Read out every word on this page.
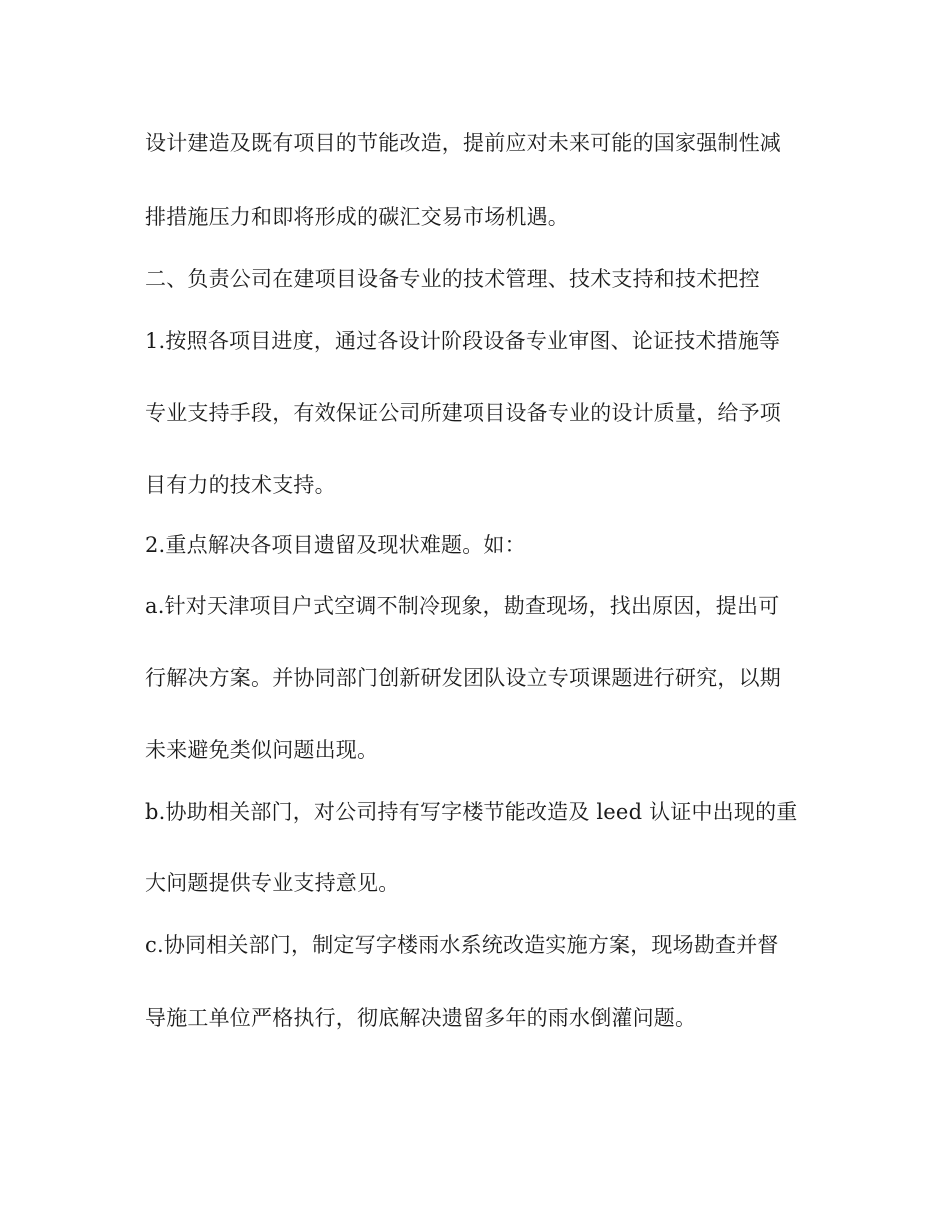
设计建造及既有项目的节能改造，提前应对未来可能的国家强制性减
排措施压力和即将形成的碳汇交易市场机遇。
二、负责公司在建项目设备专业的技术管理、技术支持和技术把控
1.按照各项目进度，通过各设计阶段设备专业审图、论证技术措施等
专业支持手段，有效保证公司所建项目设备专业的设计质量，给予项
目有力的技术支持。
2.重点解决各项目遗留及现状难题。如：
a.针对天津项目户式空调不制冷现象，勘查现场，找出原因，提出可
行解决方案。并协同部门创新研发团队设立专项课题进行研究，以期
未来避免类似问题出现。
b.协助相关部门，对公司持有写字楼节能改造及 leed 认证中出现的重
大问题提供专业支持意见。
c.协同相关部门，制定写字楼雨水系统改造实施方案，现场勘查并督
导施工单位严格执行，彻底解决遗留多年的雨水倒灌问题。
